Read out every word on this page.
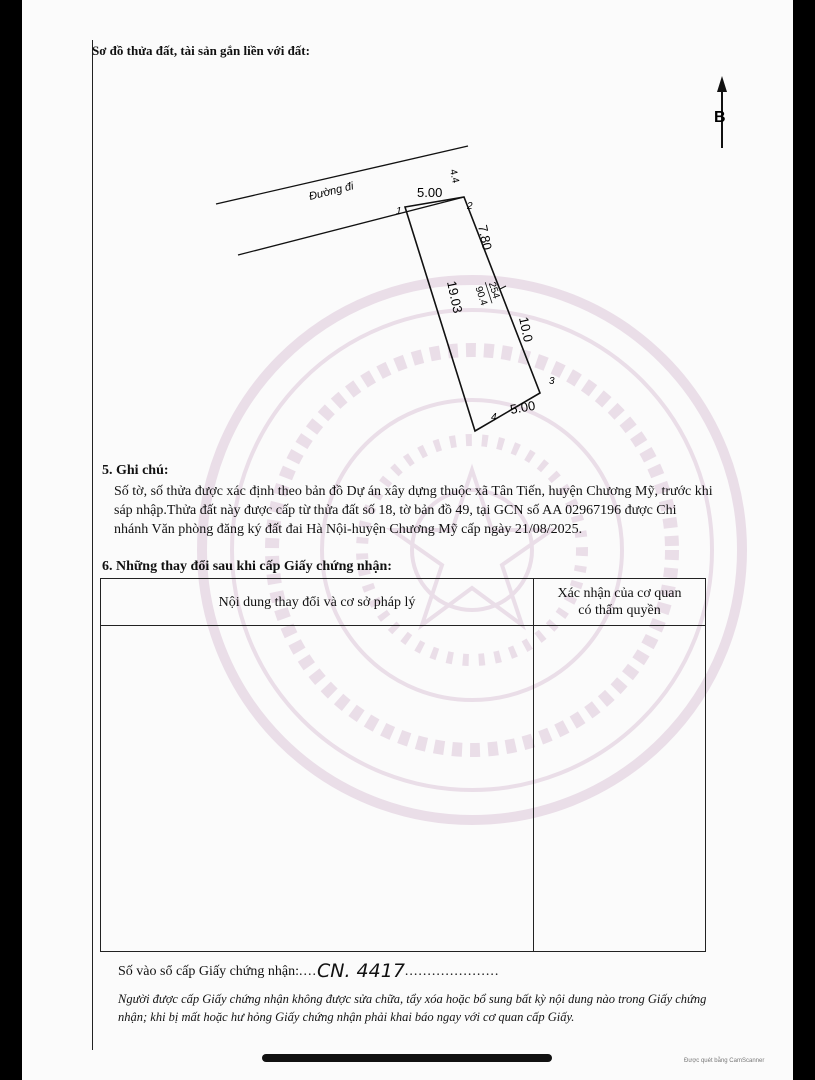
Sơ đồ thửa đất, tài sản gắn liền với đất:
B
Đường đi
4.4
1	2
3
4
5.00
7.80
10.0
19.03
5.00
254
90.4
5. Ghi chú:
Số tờ, số thửa được xác định theo bản đồ Dự án xây dựng thuộc xã Tân Tiến, huyện Chương Mỹ, trước khi sáp nhập.Thửa đất này được cấp từ thửa đất số 18, tờ bản đồ 49, tại GCN số AA 02967196 được Chi nhánh Văn phòng đăng ký đất đai Hà Nội-huyện Chương Mỹ cấp ngày 21/08/2025.
6. Những thay đổi sau khi cấp Giấy chứng nhận:
Nội dung thay đổi và cơ sở pháp lý	Xác nhận của cơ quan
có thẩm quyền

Số vào sổ cấp Giấy chứng nhận:....CN. 4417.....................
Người được cấp Giấy chứng nhận không được sửa chữa, tẩy xóa hoặc bổ sung bất kỳ nội dung nào trong Giấy chứng nhận; khi bị mất hoặc hư hỏng Giấy chứng nhận phải khai báo ngay với cơ quan cấp Giấy.
Được quét bằng CamScanner
